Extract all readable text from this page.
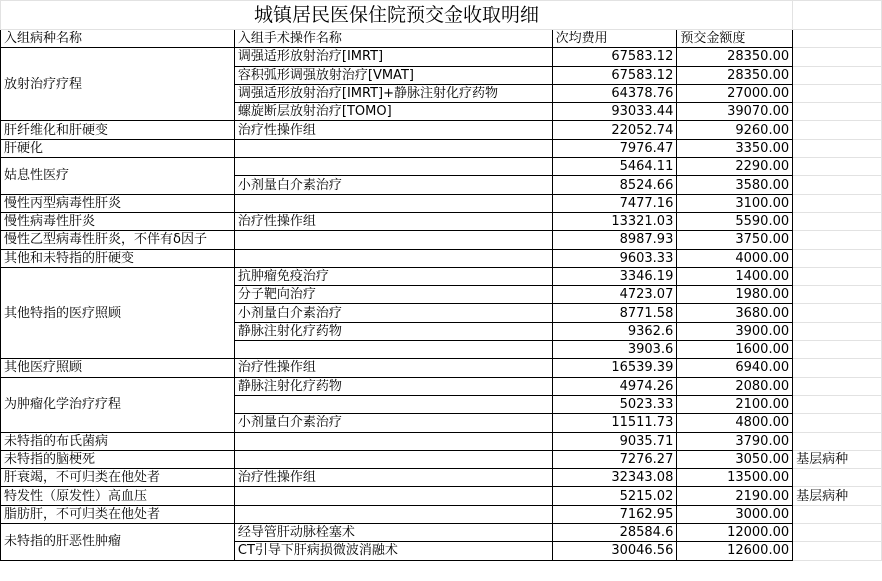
城镇居民医保住院预交金收取明细				
入组病种名称	入组手术操作名称	次均费用	预交金额度	
放射治疗疗程	调强适形放射治疗[IMRT]	67583.12	28350.00	
	容积弧形调强放射治疗[VMAT]	67583.12	28350.00	
	调强适形放射治疗[IMRT]+静脉注射化疗药物	64378.76	27000.00	
	螺旋断层放射治疗[TOMO]	93033.44	39070.00	
肝纤维化和肝硬变	治疗性操作组	22052.74	9260.00	
肝硬化		7976.47	3350.00	
姑息性医疗		5464.11	2290.00	
	小剂量白介素治疗	8524.66	3580.00	
慢性丙型病毒性肝炎		7477.16	3100.00	
慢性病毒性肝炎	治疗性操作组	13321.03	5590.00	
慢性乙型病毒性肝炎，不伴有δ因子		8987.93	3750.00	
其他和未特指的肝硬变		9603.33	4000.00	
其他特指的医疗照顾	抗肿瘤免疫治疗	3346.19	1400.00	
	分子靶向治疗	4723.07	1980.00	
	小剂量白介素治疗	8771.58	3680.00	
	静脉注射化疗药物	9362.6	3900.00	
		3903.6	1600.00	
其他医疗照顾	治疗性操作组	16539.39	6940.00	
为肿瘤化学治疗疗程	静脉注射化疗药物	4974.26	2080.00	
		5023.33	2100.00	
	小剂量白介素治疗	11511.73	4800.00	
未特指的布氏菌病		9035.71	3790.00	
未特指的脑梗死		7276.27	3050.00	基层病种
肝衰竭，不可归类在他处者	治疗性操作组	32343.08	13500.00	
特发性（原发性）高血压		5215.02	2190.00	基层病种
脂肪肝，不可归类在他处者		7162.95	3000.00	
未特指的肝恶性肿瘤	经导管肝动脉栓塞术	28584.6	12000.00	
	CT引导下肝病损微波消融术	30046.56	12600.00	
